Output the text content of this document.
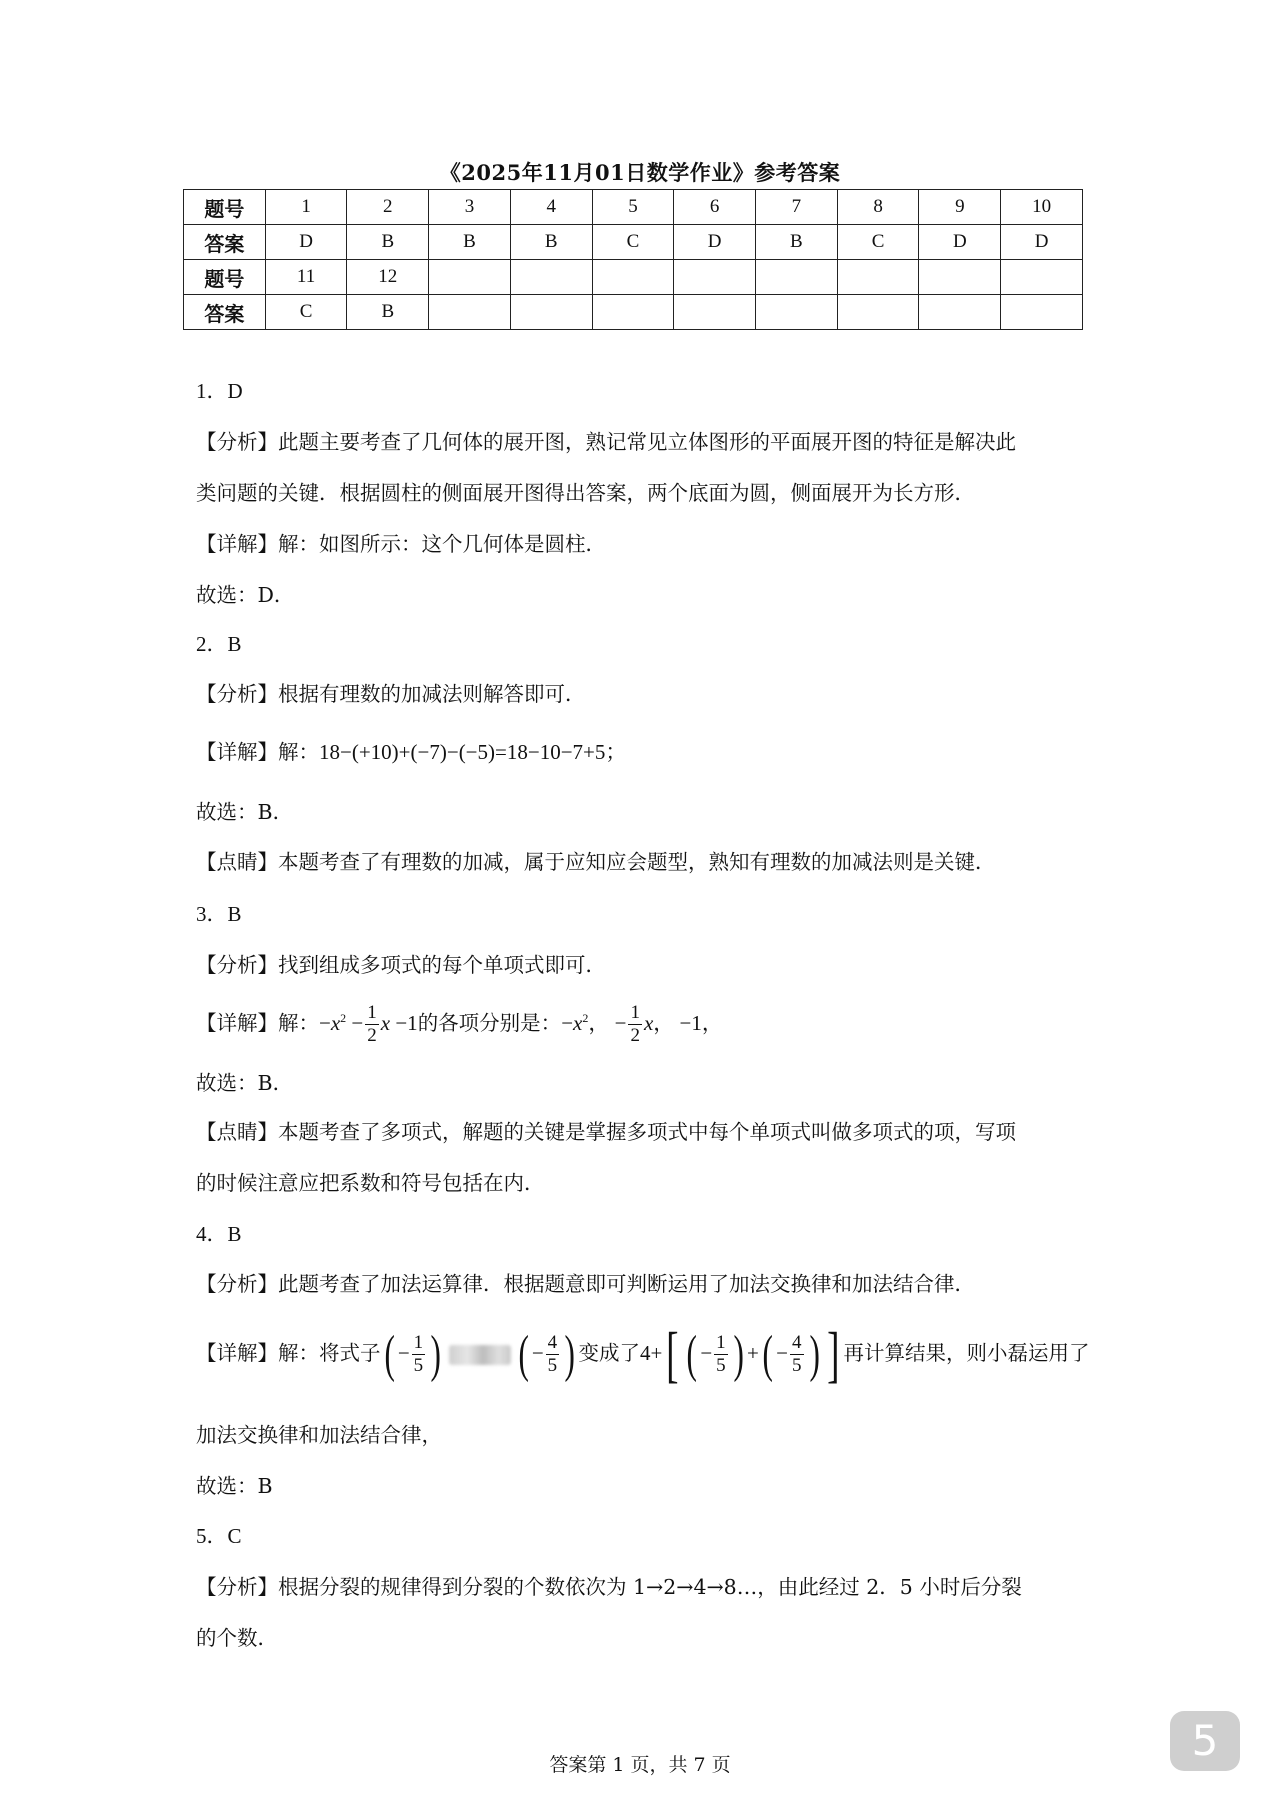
《2025年11月01日数学作业》参考答案
题号	1	2	3	4	5	6	7	8	9	10
答案	D	B	B	B	C	D	B	C	D	D
题号	11	12								
答案	C	B								
1．D
【分析】此题主要考查了几何体的展开图，熟记常见立体图形的平面展开图的特征是解决此
类问题的关键．根据圆柱的侧面展开图得出答案，两个底面为圆，侧面展开为长方形．
【详解】解：如图所示：这个几何体是圆柱．
故选：D．
2．B
【分析】根据有理数的加减法则解答即可．
【详解】解：18−(+10)+(−7)−(−5)=18−10−7+5；
故选：B．
【点睛】本题考查了有理数的加减，属于应知应会题型，熟知有理数的加减法则是关键．
3．B
【分析】找到组成多项式的每个单项式即可．
【详解】解：$-x^2 - \frac{1}{2}$ x −1的各项分别是：$-x^2$， − $\frac{1}{2}$ x， −1，
故选：B．
【点睛】本题考查了多项式，解题的关键是掌握多项式中每个单项式叫做多项式的项，写项
的时候注意应把系数和符号包括在内．
4．B
【分析】此题考查了加法运算律．根据题意即可判断运用了加法交换律和加法结合律．
【详解】解：将式子( − $\frac{1}{5}$ ) ( − $\frac{4}{5}$ ) 变成了4+[ ( − $\frac{1}{5}$ ) +( − $\frac{4}{5}$ ) ] 再计算结果，则小磊运用了
加法交换律和加法结合律，
故选：B
5．C
【分析】根据分裂的规律得到分裂的个数依次为 1→2→4→8…，由此经过 2．5 小时后分裂
的个数．
答案第 1 页，共 7 页	5
